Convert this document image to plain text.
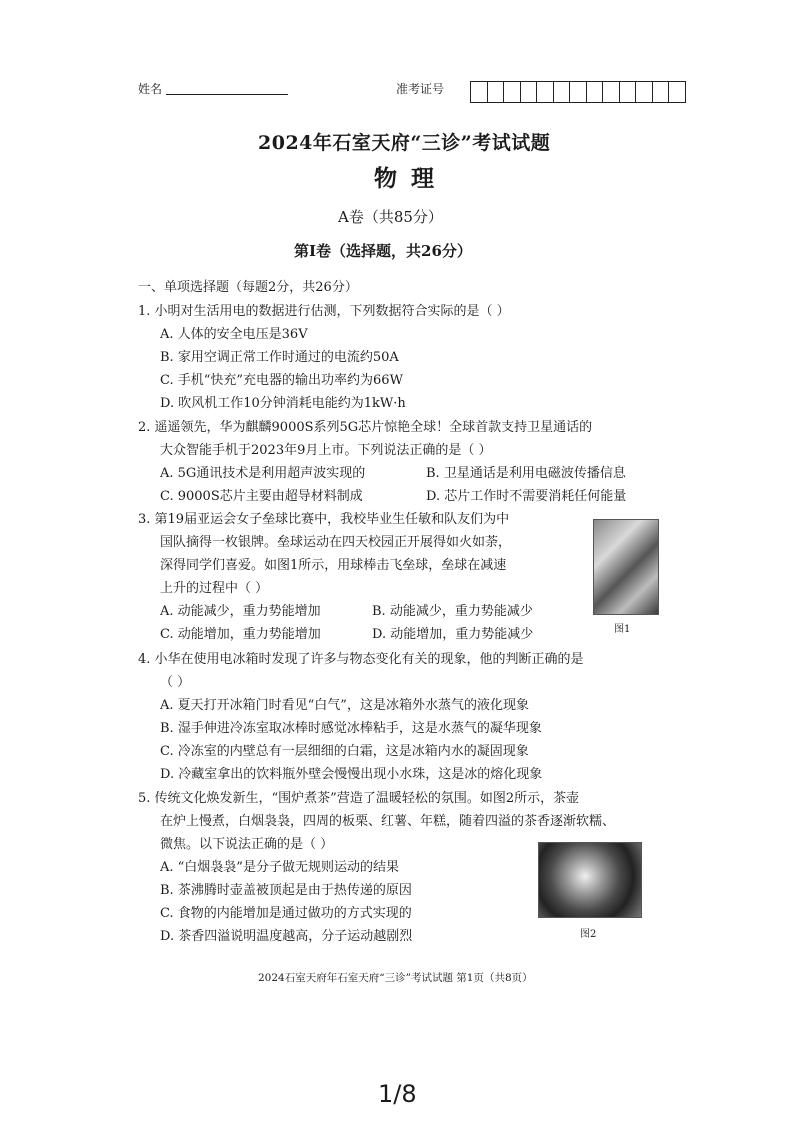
姓名	准考证号
2024年石室天府“三诊”考试试题
物理
A卷（共85分）
第Ⅰ卷（选择题，共26分）
一、单项选择题（每题2分，共26分）
1. 小明对生活用电的数据进行估测，下列数据符合实际的是（ ）
A. 人体的安全电压是36V
B. 家用空调正常工作时通过的电流约50A
C. 手机“快充”充电器的输出功率约为66W
D. 吹风机工作10分钟消耗电能约为1kW·h
2. 遥遥领先，华为麒麟9000S系列5G芯片惊艳全球！全球首款支持卫星通话的
大众智能手机于2023年9月上市。下列说法正确的是（ ）
A. 5G通讯技术是利用超声波实现的	B. 卫星通话是利用电磁波传播信息
C. 9000S芯片主要由超导材料制成	D. 芯片工作时不需要消耗任何能量
3. 第19届亚运会女子垒球比赛中，我校毕业生任敏和队友们为中
国队摘得一枚银牌。垒球运动在四天校园正开展得如火如荼，
深得同学们喜爱。如图1所示，用球棒击飞垒球，垒球在减速
上升的过程中（ ）
A. 动能减少，重力势能增加	B. 动能减少，重力势能减少
C. 动能增加，重力势能增加	D. 动能增加，重力势能减少	图1
4. 小华在使用电冰箱时发现了许多与物态变化有关的现象，他的判断正确的是
（ ）
A. 夏天打开冰箱门时看见“白气”，这是冰箱外水蒸气的液化现象
B. 湿手伸进冷冻室取冰棒时感觉冰棒粘手，这是水蒸气的凝华现象
C. 冷冻室的内壁总有一层细细的白霜，这是冰箱内水的凝固现象
D. 冷藏室拿出的饮料瓶外壁会慢慢出现小水珠，这是冰的熔化现象
5. 传统文化焕发新生，“围炉煮茶”营造了温暖轻松的氛围。如图2所示，茶壶
在炉上慢煮，白烟袅袅，四周的板栗、红薯、年糕，随着四溢的茶香逐渐软糯、
微焦。以下说法正确的是（ ）
A. “白烟袅袅”是分子做无规则运动的结果
B. 茶沸腾时壶盖被顶起是由于热传递的原因
C. 食物的内能增加是通过做功的方式实现的
D. 茶香四溢说明温度越高，分子运动越剧烈	图2
2024石室天府年石室天府“三诊”考试试题 第1页（共8页）
1/8
